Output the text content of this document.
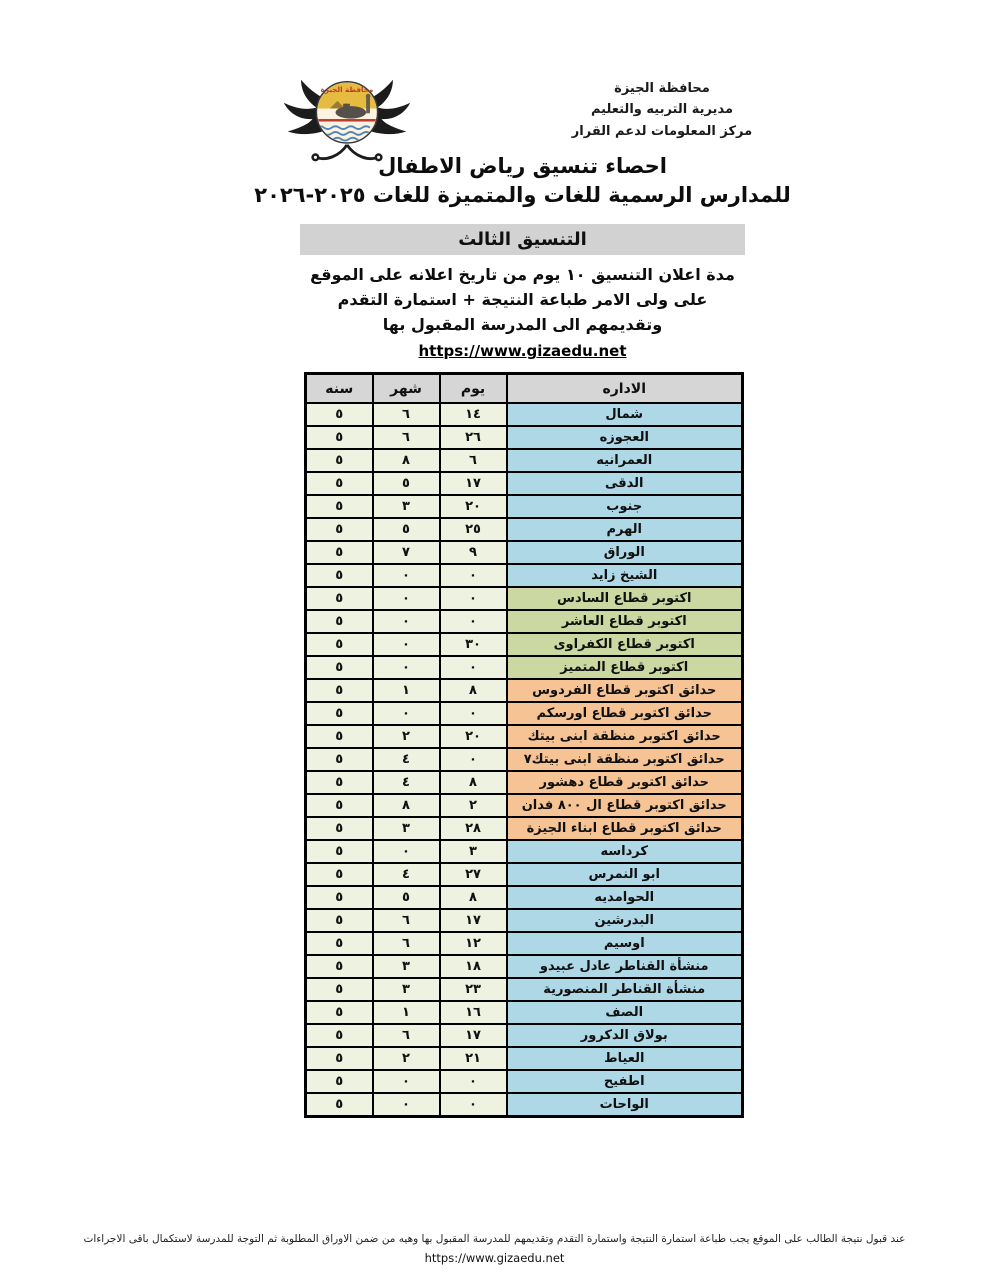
محافظة الجيزة	محافظة الجيزة
مديرية التربيه والتعليم
مركز المعلومات لدعم القرار
احصاء تنسيق رياض الاطفال
للمدارس الرسمية للغات والمتميزة للغات ٢٠٢٥-٢٠٢٦
التنسيق الثالث

مدة اعلان التنسيق ١٠ يوم من تاريخ اعلانه على الموقع

على ولى الامر طباعة النتيجة + استمارة التقدم

وتقديمهم الى المدرسة المقبول بها

https://www.gizaedu.net
الاداره	يوم	شهر	سنه
شمال	١٤	٦	٥
العجوزه	٢٦	٦	٥
العمرانيه	٦	٨	٥
الدقى	١٧	٥	٥
جنوب	٢٠	٣	٥
الهرم	٢٥	٥	٥
الوراق	٩	٧	٥
الشيخ زايد	٠	٠	٥
اكتوبر قطاع السادس	٠	٠	٥
اكتوبر قطاع العاشر	٠	٠	٥
اكتوبر قطاع الكفراوى	٣٠	٠	٥
اكتوبر قطاع المتميز	٠	٠	٥
حدائق اكتوبر قطاع الفردوس	٨	١	٥
حدائق اكتوبر قطاع اورسكم	٠	٠	٥
حدائق اكتوبر منظقة ابنى بيتك	٢٠	٢	٥
حدائق اكتوبر منظقة ابنى بيتك٧	٠	٤	٥
حدائق اكتوبر قطاع دهشور	٨	٤	٥
حدائق اكتوبر قطاع ال ٨٠٠ فدان	٢	٨	٥
حدائق اكتوبر قطاع ابناء الجيزة	٢٨	٣	٥
كرداسه	٣	٠	٥
ابو النمرس	٢٧	٤	٥
الحوامديه	٨	٥	٥
البدرشين	١٧	٦	٥
اوسيم	١٢	٦	٥
منشأة القناطر عادل عبيدو	١٨	٣	٥
منشأة القناطر المنصورية	٢٣	٣	٥
الصف	١٦	١	٥
بولاق الدكرور	١٧	٦	٥
العياط	٢١	٢	٥
اطفيح	٠	٠	٥
الواحات	٠	٠	٥
عند قبول نتيجة الطالب على الموقع يجب طباعة استمارة النتيجة واستمارة التقدم وتقديمهم للمدرسة المقبول بها وهيه من ضمن الاوراق المطلوبة ثم التوجة للمدرسة لاستكمال باقى الاجراءات
https://www.gizaedu.net
